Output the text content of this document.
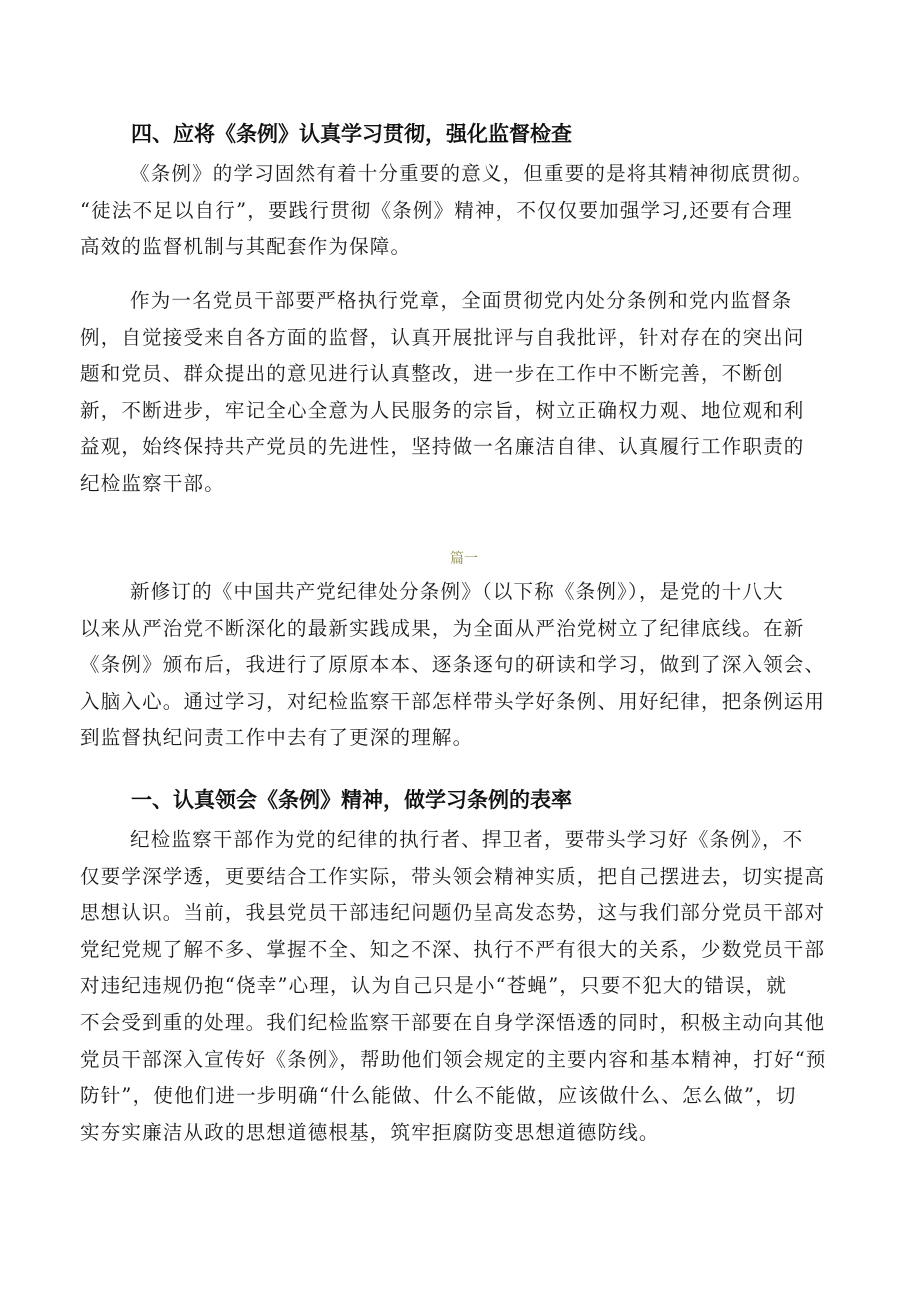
四、应将《条例》认真学习贯彻，强化监督检查
《条例》的学习固然有着十分重要的意义，但重要的是将其精神彻底贯彻。
“徒法不足以自行”，要践行贯彻《条例》精神，不仅仅要加强学习,还要有合理
高效的监督机制与其配套作为保障。
作为一名党员干部要严格执行党章，全面贯彻党内处分条例和党内监督条
例，自觉接受来自各方面的监督，认真开展批评与自我批评，针对存在的突出问
题和党员、群众提出的意见进行认真整改，进一步在工作中不断完善，不断创
新，不断进步，牢记全心全意为人民服务的宗旨，树立正确权力观、地位观和利
益观，始终保持共产党员的先进性，坚持做一名廉洁自律、认真履行工作职责的
纪检监察干部。
篇一
新修订的《中国共产党纪律处分条例》（以下称《条例》），是党的十八大
以来从严治党不断深化的最新实践成果，为全面从严治党树立了纪律底线。在新
《条例》颁布后，我进行了原原本本、逐条逐句的研读和学习，做到了深入领会、
入脑入心。通过学习，对纪检监察干部怎样带头学好条例、用好纪律，把条例运用
到监督执纪问责工作中去有了更深的理解。
一、认真领会《条例》精神，做学习条例的表率
纪检监察干部作为党的纪律的执行者、捍卫者，要带头学习好《条例》，不
仅要学深学透，更要结合工作实际，带头领会精神实质，把自己摆进去，切实提高
思想认识。当前，我县党员干部违纪问题仍呈高发态势，这与我们部分党员干部对
党纪党规了解不多、掌握不全、知之不深、执行不严有很大的关系，少数党员干部
对违纪违规仍抱“侥幸”心理，认为自己只是小“苍蝇”，只要不犯大的错误，就
不会受到重的处理。我们纪检监察干部要在自身学深悟透的同时，积极主动向其他
党员干部深入宣传好《条例》，帮助他们领会规定的主要内容和基本精神，打好“预
防针”，使他们进一步明确“什么能做、什么不能做，应该做什么、怎么做”，切
实夯实廉洁从政的思想道德根基，筑牢拒腐防变思想道德防线。
